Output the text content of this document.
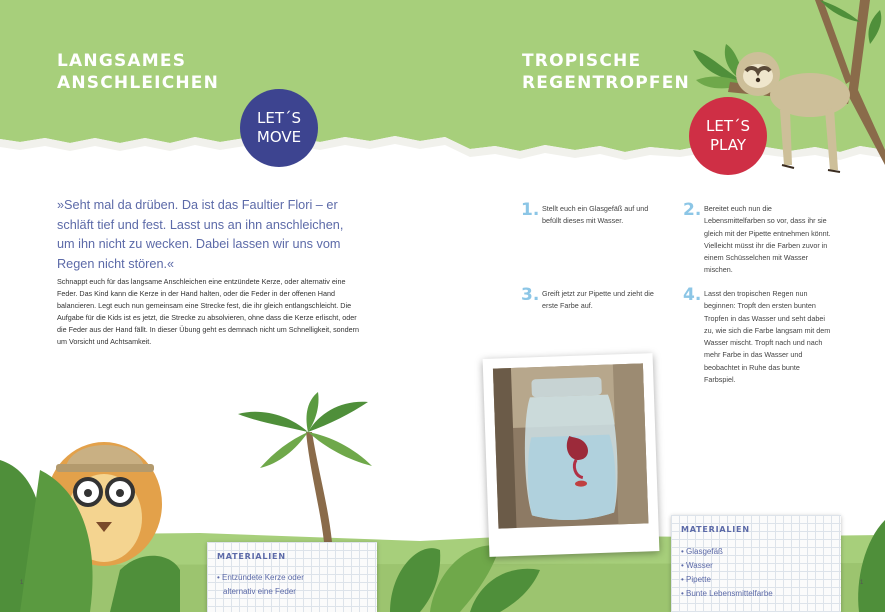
LANGSAMES
ANSCHLEICHEN
LET´S
MOVE
TROPISCHE
REGENTROPFEN
LET´S
PLAY
»Seht mal da drüben. Da ist das Faultier Flori – er schläft tief und fest. Lasst uns an ihn anschleichen, um ihn nicht zu wecken. Dabei lassen wir uns vom Regen nicht stören.«
Schnappt euch für das langsame Anschleichen eine entzündete Kerze, oder alternativ eine Feder. Das Kind kann die Kerze in der Hand halten, oder die Feder in der offenen Hand balancieren. Legt euch nun gemeinsam eine Strecke fest, die ihr gleich entlangschleicht. Die Aufgabe für die Kids ist es jetzt, die Strecke zu absolvieren, ohne dass die Kerze erlischt, oder die Feder aus der Hand fällt. In dieser Übung geht es demnach nicht um Schnelligkeit, sondern um Vorsicht und Achtsamkeit.
1. Stellt euch ein Glasgefäß auf und befüllt dieses mit Wasser.
2. Bereitet euch nun die Lebensmittelfarben so vor, dass ihr sie gleich mit der Pipette entnehmen könnt. Vielleicht müsst ihr die Farben zuvor in einem Schüsselchen mit Wasser mischen.
3. Greift jetzt zur Pipette und zieht die erste Farbe auf.
4. Lasst den tropischen Regen nun beginnen: Tropft den ersten bunten Tropfen in das Wasser und seht dabei zu, wie sich die Farbe langsam mit dem Wasser mischt. Tropft nach und nach mehr Farbe in das Wasser und beobachtet in Ruhe das bunte Farbspiel.
MATERIALIEN
• Entzündete Kerze oder
alternativ eine Feder
MATERIALIEN
• Glasgefäß
• Wasser
• Pipette
• Bunte Lebensmittelfarbe
1	1
